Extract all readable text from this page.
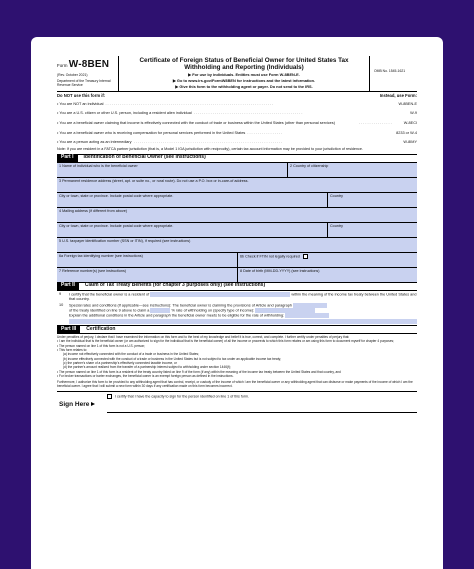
Form W-8BEN
(Rev. October 2021)
Department of the Treasury Internal Revenue Service
Certificate of Foreign Status of Beneficial Owner for United States Tax Withholding and Reporting (Individuals)
▶ For use by individuals. Entities must use Form W-8BEN-E.
▶ Go to www.irs.gov/FormW8BEN for instructions and the latest information.
▶ Give this form to the withholding agent or payer. Do not send to the IRS.
OMB No. 1545-1621
Do NOT use this form if:	Instead, use Form:
• You are NOT an individual . . . . . . . . . . . . . . . . . . . . . . . . . . . . . . . . . . . . . . . . . . . . . . . . . . . . . . . . . . . . . . . . . . . . . . . . . . . . . . . .	W-8BEN-E
• You are a U.S. citizen or other U.S. person, including a resident alien individual . . . . . . . . . . . . . . . . . . . . . . . . . . . . . . . . . . . . . . . . . . . . . . . . . . . .	W-9
• You are a beneficial owner claiming that income is effectively connected with the conduct of trade or business within the United States (other than personal services)	. . . . . . . . . . . . . . . .	W-8ECI
• You are a beneficial owner who is receiving compensation for personal services performed in the United States . . . . . . . . . . . . . . . . .	8233 or W-4
• You are a person acting as an intermediary . . . . . . . . . . . . . . . . . . . . . . . . . . . . . . . . . . . . . . . . . . . . . . . . . . . . . . . . . . . . . . . . . . . . . . .	W-8IMY
Note: If you are resident in a FATCA partner jurisdiction (that is, a Model 1 IGA jurisdiction with reciprocity), certain tax account information may be provided to your jurisdiction of residence.
Part I	Identification of Beneficial Owner (see instructions)
1 Name of individual who is the beneficial owner	2 Country of citizenship
3 Permanent residence address (street, apt. or suite no., or rural route). Do not use a P.O. box or in-care-of address.
City or town, state or province. Include postal code where appropriate.	Country
4 Mailing address (if different from above)
City or town, state or province. Include postal code where appropriate.	Country
5 U.S. taxpayer identification number (SSN or ITIN), if required (see instructions)
6a Foreign tax identifying number (see instructions)	6b Check if FTIN not legally required
7 Reference number(s) (see instructions)	8 Date of birth (MM-DD-YYYY) (see instructions)
Part II	Claim of Tax Treaty Benefits (for chapter 3 purposes only) (see instructions)
9	I certify that the beneficial owner is a resident of	within the meaning of the income tax treaty between the United States and that country.
10	Special rates and conditions (if applicable—see instructions): The beneficial owner is claiming the provisions of Article and paragraph
of the treaty identified on line 9 above to claim a	% rate of withholding on (specify type of income):
Explain the additional conditions in the Article and paragraph the beneficial owner meets to be eligible for the rate of withholding:
Part III	Certification
Under penalties of perjury, I declare that I have examined the information on this form and to the best of my knowledge and belief it is true, correct, and complete. I further certify under penalties of perjury that:
• I am the individual that is the beneficial owner (or am authorized to sign for the individual that is the beneficial owner) of all the income or proceeds to which this form relates or am using this form to document myself for chapter 4 purposes;
• The person named on line 1 of this form is not a U.S. person;
• This form relates to:
(a) income not effectively connected with the conduct of a trade or business in the United States;
(b) income effectively connected with the conduct of a trade or business in the United States but is not subject to tax under an applicable income tax treaty;
(c) the partner's share of a partnership's effectively connected taxable income, or
(d) the partner's amount realized from the transfer of a partnership interest subject to withholding under section 1446(f);
• The person named on line 1 of this form is a resident of the treaty country listed on line 9 of the form (if any) within the meaning of the income tax treaty between the United States and that country, and
• For broker transactions or barter exchanges, the beneficial owner is an exempt foreign person as defined in the instructions.
Furthermore, I authorize this form to be provided to any withholding agent that has control, receipt, or custody of the income of which I am the beneficial owner or any withholding agent that can disburse or make payments of the income of which I am the beneficial owner. I agree that I will submit a new form within 30 days if any certification made on this form becomes incorrect.
Sign Here
I certify that I have the capacity to sign for the person identified on line 1 of this form.
